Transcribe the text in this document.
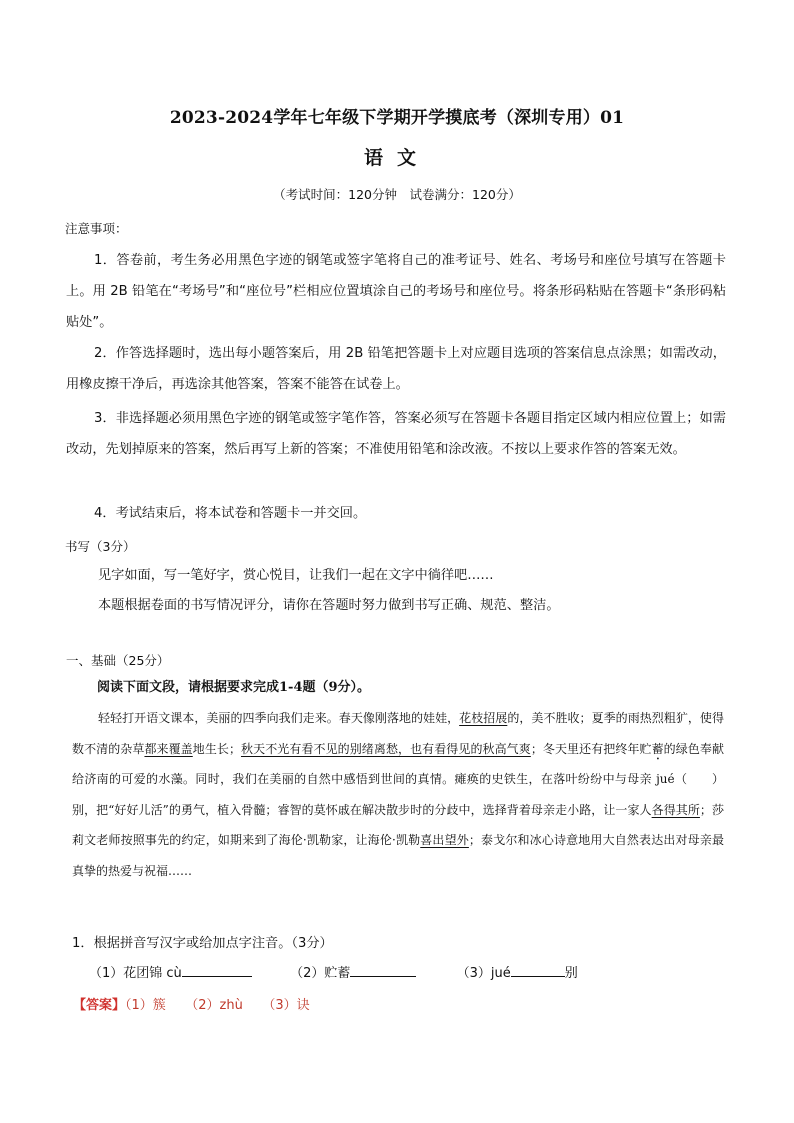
2023-2024学年七年级下学期开学摸底考（深圳专用）01
语文
（考试时间：120分钟　试卷满分：120分）
注意事项：
1．答卷前，考生务必用黑色字迹的钢笔或签字笔将自己的准考证号、姓名、考场号和座位号填写在答题卡上。用 2B 铅笔在“考场号”和“座位号”栏相应位置填涂自己的考场号和座位号。将条形码粘贴在答题卡“条形码粘贴处”。
2．作答选择题时，选出每小题答案后，用 2B 铅笔把答题卡上对应题目选项的答案信息点涂黑；如需改动，用橡皮擦干净后，再选涂其他答案，答案不能答在试卷上。
3．非选择题必须用黑色字迹的钢笔或签字笔作答，答案必须写在答题卡各题目指定区域内相应位置上；如需改动，先划掉原来的答案，然后再写上新的答案；不准使用铅笔和涂改液。不按以上要求作答的答案无效。
4．考试结束后，将本试卷和答题卡一并交回。
书写（3分）
见字如面，写一笔好字，赏心悦目，让我们一起在文字中徜徉吧……
本题根据卷面的书写情况评分，请你在答题时努力做到书写正确、规范、整洁。
一、基础（25分）
阅读下面文段，请根据要求完成1-4题（9分）。
轻轻打开语文课本，美丽的四季向我们走来。春天像刚落地的娃娃，花枝招展的，美不胜收；夏季的雨热烈粗犷，使得数不清的杂草都来覆盖地生长；秋天不光有看不见的别绪离愁，也有看得见的秋高气爽；冬天里还有把终年贮蓄的绿色奉献给济南的可爱的水藻。同时，我们在美丽的自然中感悟到世间的真情。瘫痪的史铁生，在落叶纷纷中与母亲 jué（　　）别，把“好好儿活”的勇气，植入骨髓；睿智的莫怀戚在解决散步时的分歧中，选择背着母亲走小路，让一家人各得其所；莎莉文老师按照事先的约定，如期来到了海伦·凯勒家，让海伦·凯勒喜出望外；泰戈尔和冰心诗意地用大自然表达出对母亲最真挚的热爱与祝福……
1．根据拼音写汉字或给加点字注音。（3分）
（1）花团锦 cù	（2）贮蓄	（3）jué	别
【答案】（1）簇　　（2）zhù　　（3）诀
